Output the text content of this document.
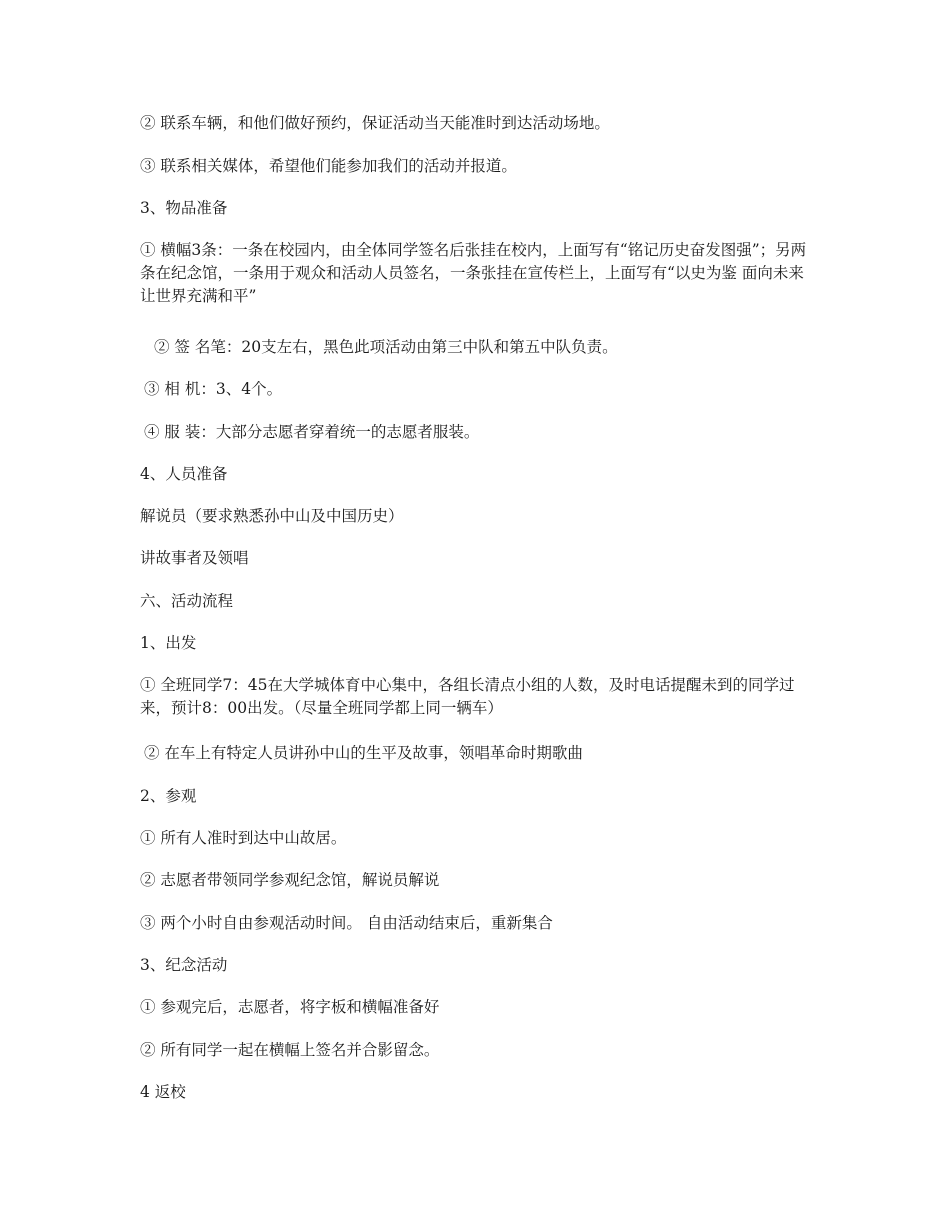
② 联系车辆，和他们做好预约，保证活动当天能准时到达活动场地。

③ 联系相关媒体，希望他们能参加我们的活动并报道。

3、物品准备

① 横幅3条：一条在校园内，由全体同学签名后张挂在校内，上面写有“铭记历史奋发图强”；另两条在纪念馆，一条用于观众和活动人员签名，一条张挂在宣传栏上，上面写有“以史为鉴 面向未来 让世界充满和平”

② 签 名笔：20支左右，黑色此项活动由第三中队和第五中队负责。

③ 相 机：3、4个。

④ 服 装：大部分志愿者穿着统一的志愿者服装。

4、人员准备

解说员（要求熟悉孙中山及中国历史）

讲故事者及领唱

六、活动流程

1、出发

① 全班同学7：45在大学城体育中心集中，各组长清点小组的人数，及时电话提醒未到的同学过来，预计8：00出发。（尽量全班同学都上同一辆车）

② 在车上有特定人员讲孙中山的生平及故事，领唱革命时期歌曲

2、参观

① 所有人准时到达中山故居。

② 志愿者带领同学参观纪念馆，解说员解说

③ 两个小时自由参观活动时间。 自由活动结束后，重新集合

3、纪念活动

① 参观完后，志愿者，将字板和横幅准备好

② 所有同学一起在横幅上签名并合影留念。

4 返校
